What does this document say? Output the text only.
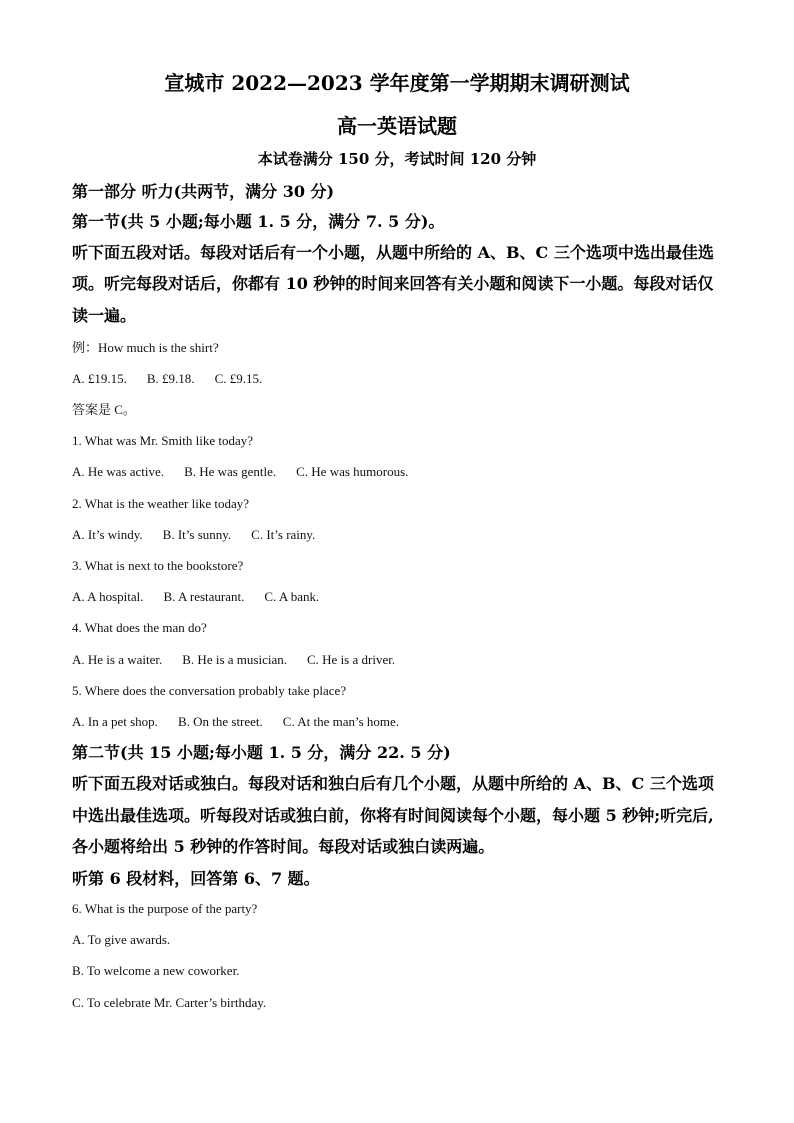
宣城市 2022—2023 学年度第一学期期末调研测试
高一英语试题
本试卷满分 150 分，考试时间 120 分钟
第一部分 听力(共两节，满分 30 分)
第一节(共 5 小题;每小题 1. 5 分，满分 7. 5 分)。
听下面五段对话。每段对话后有一个小题，从题中所给的 A、B、C 三个选项中选出最佳选
项。听完每段对话后，你都有 10 秒钟的时间来回答有关小题和阅读下一小题。每段对话仅
读一遍。
例：How much is the shirt?
A. £19.15. B. £9.18. C. £9.15.
答案是 C。
1. What was Mr. Smith like today?
A. He was active. B. He was gentle. C. He was humorous.
2. What is the weather like today?
A. It’s windy. B. It’s sunny. C. It’s rainy.
3. What is next to the bookstore?
A. A hospital. B. A restaurant. C. A bank.
4. What does the man do?
A. He is a waiter. B. He is a musician. C. He is a driver.
5. Where does the conversation probably take place?
A. In a pet shop. B. On the street. C. At the man’s home.
第二节(共 15 小题;每小题 1. 5 分，满分 22. 5 分)
听下面五段对话或独白。每段对话和独白后有几个小题，从题中所给的 A、B、C 三个选项
中选出最佳选项。听每段对话或独白前，你将有时间阅读每个小题，每小题 5 秒钟;听完后,
各小题将给出 5 秒钟的作答时间。每段对话或独白读两遍。
听第 6 段材料，回答第 6、7 题。
6. What is the purpose of the party?
A. To give awards.
B. To welcome a new coworker.
C. To celebrate Mr. Carter’s birthday.
